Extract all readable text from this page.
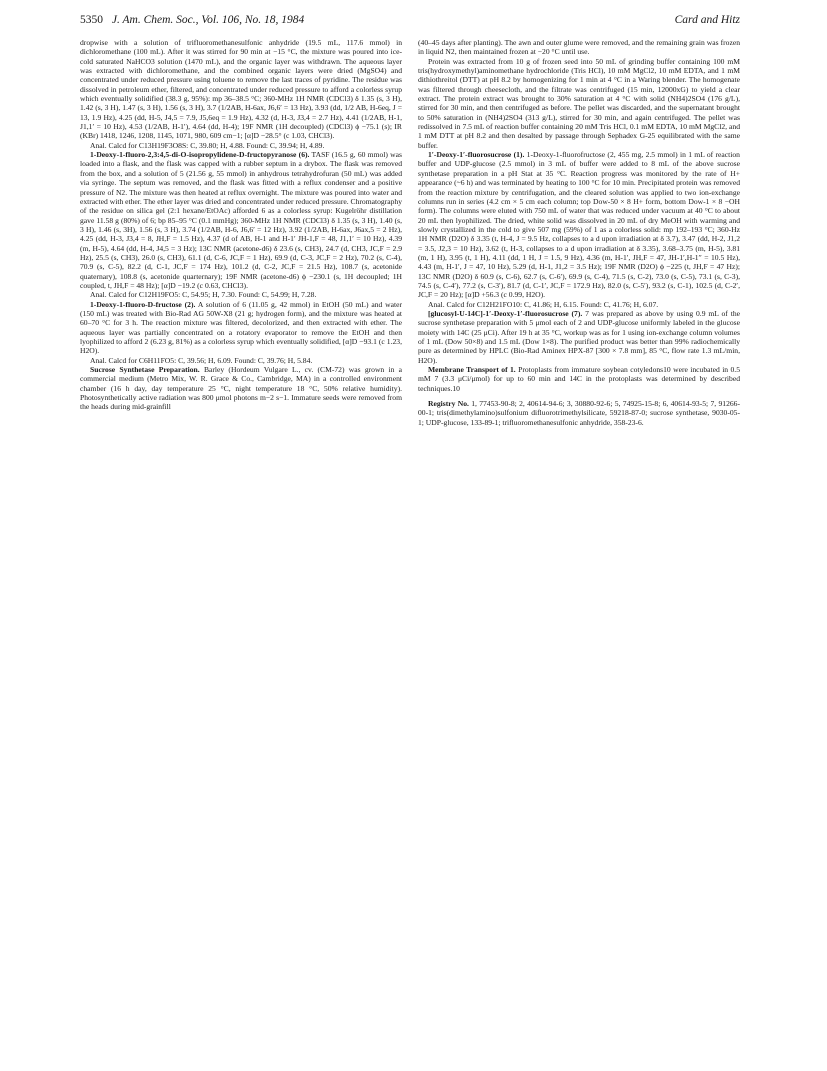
5350 J. Am. Chem. Soc., Vol. 106, No. 18, 1984	Card and Hitz

dropwise with a solution of trifluoromethanesulfonic anhydride (19.5 mL, 117.6 mmol) in dichloromethane (100 mL). After it was stirred for 90 min at −15 °C, the mixture was poured into ice-cold saturated NaHCO3 solution (1470 mL), and the organic layer was withdrawn. The aqueous layer was extracted with dichloromethane, and the combined organic layers were dried (MgSO4) and concentrated under reduced pressure using toluene to remove the last traces of pyridine. The residue was dissolved in petroleum ether, filtered, and concentrated under reduced pressure to afford a colorless syrup which eventually solidified (38.3 g, 95%): mp 36–38.5 °C; 360-MHz 1H NMR (CDCl3) δ 1.35 (s, 3 H), 1.42 (s, 3 H), 1.47 (s, 3 H), 1.56 (s, 3 H), 3.7 (1/2AB, H-6ax, J6,6′ = 13 Hz), 3.93 (dd, 1/2 AB, H-6eq, J = 13, 1.9 Hz), 4.25 (dd, H-5, J4,5 = 7.9, J5,6eq = 1.9 Hz), 4.32 (d, H-3, J3,4 = 2.7 Hz), 4.41 (1/2AB, H-1, J1,1′ = 10 Hz), 4.53 (1/2AB, H-1′), 4.64 (dd, H-4); 19F NMR (1H decoupled) (CDCl3) ϕ −75.1 (s); IR (KBr) 1418, 1246, 1208, 1145, 1071, 980, 609 cm−1; [α]D −28.5° (c 1.03, CHCl3).

Anal. Calcd for C13H19F3O8S: C, 39.80; H, 4.88. Found: C, 39.94; H, 4.89.

1-Deoxy-1-fluoro-2,3:4,5-di-O-isopropylidene-D-fructopyranose (6). TASF (16.5 g, 60 mmol) was loaded into a flask, and the flask was capped with a rubber septum in a drybox. The flask was removed from the box, and a solution of 5 (21.56 g, 55 mmol) in anhydrous tetrahydrofuran (50 mL) was added via syringe. The septum was removed, and the flask was fitted with a reflux condenser and a positive pressure of N2. The mixture was then heated at reflux overnight. The mixture was poured into water and extracted with ether. The ether layer was dried and concentrated under reduced pressure. Chromatography of the residue on silica gel (2:1 hexane/EtOAc) afforded 6 as a colorless syrup: Kugelröhr distillation gave 11.58 g (80%) of 6; bp 85–95 °C (0.1 mmHg); 360-MHz 1H NMR (CDCl3) δ 1.35 (s, 3 H), 1.40 (s, 3 H), 1.46 (s, 3H), 1.56 (s, 3 H), 3.74 (1/2AB, H-6, J6,6′ = 12 Hz), 3.92 (1/2AB, H-6ax, J6ax,5 = 2 Hz), 4.25 (dd, H-3, J3,4 = 8, JH,F = 1.5 Hz), 4.37 (d of AB, H-1 and H-1′ JH-1,F = 48, J1,1′ = 10 Hz), 4.39 (m, H-5), 4.64 (dd, H-4, J4,5 = 3 Hz); 13C NMR (acetone-d6) δ 23.6 (s, CH3), 24.7 (d, CH3, JC,F = 2.9 Hz), 25.5 (s, CH3), 26.0 (s, CH3), 61.1 (d, C-6, JC,F = 1 Hz), 69.9 (d, C-3, JC,F = 2 Hz), 70.2 (s, C-4), 70.9 (s, C-5), 82.2 (d, C-1, JC,F = 174 Hz), 101.2 (d, C-2, JC,F = 21.5 Hz), 108.7 (s, acetonide quaternary), 108.8 (s, acetonide quarternary); 19F NMR (acetone-d6) ϕ −230.1 (s, 1H decoupled; 1H coupled, t, JH,F = 48 Hz); [α]D −19.2 (c 0.63, CHCl3).

Anal. Calcd for C12H19FO5: C, 54.95; H, 7.30. Found: C, 54.99; H, 7.28.

1-Deoxy-1-fluoro-D-fructose (2). A solution of 6 (11.05 g, 42 mmol) in EtOH (50 mL) and water (150 mL) was treated with Bio-Rad AG 50W-X8 (21 g; hydrogen form), and the mixture was heated at 60–70 °C for 3 h. The reaction mixture was filtered, decolorized, and then extracted with ether. The aqueous layer was partially concentrated on a rotatory evaporator to remove the EtOH and then lyophilized to afford 2 (6.23 g, 81%) as a colorless syrup which eventually solidified, [α]D −93.1 (c 1.23, H2O).

Anal. Calcd for C6H11FO5: C, 39.56; H, 6.09. Found: C, 39.76; H, 5.84.

Sucrose Synthetase Preparation. Barley (Hordeum Vulgare L., cv. (CM-72) was grown in a commercial medium (Metro Mix, W. R. Grace & Co., Cambridge, MA) in a controlled environment chamber (16 h day, day temperature 25 °C, night temperature 18 °C, 50% relative humidity). Photosynthetically active radiation was 800 μmol photons m−2 s−1. Immature seeds were removed from the heads during mid-grainfill

(40–45 days after planting). The awn and outer glume were removed, and the remaining grain was frozen in liquid N2, then maintained frozen at −20 °C until use.

Protein was extracted from 10 g of frozen seed into 50 mL of grinding buffer containing 100 mM tris(hydroxymethyl)aminomethane hydrochloride (Tris HCl), 10 mM MgCl2, 10 mM EDTA, and 1 mM dithiothreitol (DTT) at pH 8.2 by homogenizing for 1 min at 4 °C in a Waring blender. The homogenate was filtered through cheesecloth, and the filtrate was centrifuged (15 min, 12000xG) to yield a clear extract. The protein extract was brought to 30% saturation at 4 °C with solid (NH4)2SO4 (176 g/L), stirred for 30 min, and then centrifuged as before. The pellet was discarded, and the supernatant brought to 50% saturation in (NH4)2SO4 (313 g/L), stirred for 30 min, and again centrifuged. The pellet was redissolved in 7.5 mL of reaction buffer containing 20 mM Tris HCl, 0.1 mM EDTA, 10 mM MgCl2, and 1 mM DTT at pH 8.2 and then desalted by passage through Sephadex G-25 equilibrated with the same buffer.

1′-Deoxy-1′-fluorosucrose (1). 1-Deoxy-1-fluorofructose (2, 455 mg, 2.5 mmol) in 1 mL of reaction buffer and UDP-glucose (2.5 mmol) in 3 mL of buffer were added to 8 mL of the above sucrose synthetase preparation in a pH Stat at 35 °C. Reaction progress was monitored by the rate of H+ appearance (~6 h) and was terminated by heating to 100 °C for 10 min. Precipitated protein was removed from the reaction mixture by centrifugation, and the cleared solution was applied to two ion-exchange columns run in series (4.2 cm × 5 cm each column; top Dow-50 × 8 H+ form, bottom Dow-1 × 8 −OH form). The columns were eluted with 750 mL of water that was reduced under vacuum at 40 °C to about 20 mL then lyophilized. The dried, white solid was dissolved in 20 mL of dry MeOH with warming and slowly crystallized in the cold to give 507 mg (59%) of 1 as a colorless solid: mp 192–193 °C; 360-Hz 1H NMR (D2O) δ 3.35 (t, H-4, J = 9.5 Hz, collapses to a d upon irradiation at δ 3.7), 3.47 (dd, H-2, J1,2 = 3.5, J2,3 = 10 Hz), 3.62 (t, H-3, collapses to a d upon irradiation at δ 3.35), 3.68–3.75 (m, H-5), 3.81 (m, 1 H), 3.95 (t, 1 H), 4.11 (dd, 1 H, J = 1.5, 9 Hz), 4.36 (m, H-1′, JH,F = 47, JH-1′,H-1′′ = 10.5 Hz), 4.43 (m, H-1′, J = 47, 10 Hz), 5.29 (d, H-1, J1,2 = 3.5 Hz); 19F NMR (D2O) ϕ −225 (t, JH,F = 47 Hz); 13C NMR (D2O) δ 60.9 (s, C-6), 62.7 (s, C-6′), 69.9 (s, C-4), 71.5 (s, C-2), 73.0 (s, C-5), 73.1 (s, C-3), 74.5 (s, C-4′), 77.2 (s, C-3′), 81.7 (d, C-1′, JC,F = 172.9 Hz), 82.0 (s, C-5′), 93.2 (s, C-1), 102.5 (d, C-2′, JC,F = 20 Hz); [α]D +56.3 (c 0.99, H2O).

Anal. Calcd for C12H21FO10: C, 41.86; H, 6.15. Found: C, 41.76; H, 6.07.

[glucosyl-U-14C]-1′-Deoxy-1′-fluorosucrose (7). 7 was prepared as above by using 0.9 mL of the sucrose synthetase preparation with 5 μmol each of 2 and UDP-glucose uniformly labeled in the glucose moiety with 14C (25 μCi). After 19 h at 35 °C, workup was as for 1 using ion-exchange column volumes of 1 mL (Dow 50×8) and 1.5 mL (Dow 1×8). The purified product was better than 99% radiochemically pure as determined by HPLC (Bio-Rad Aminex HPX-87 [300 × 7.8 mm], 85 °C, flow rate 1.3 mL/min, H2O).

Membrane Transport of 1. Protoplasts from immature soybean cotyledons10 were incubated in 0.5 mM 7 (3.3 μCi/μmol) for up to 60 min and 14C in the protoplasts was determined by described techniques.10

Registry No. 1, 77453-90-8; 2, 40614-94-6; 3, 30880-92-6; 5, 74925-15-8; 6, 40614-93-5; 7, 91266-00-1; tris(dimethylamino)sulfonium difluorotrimethylsilicate, 59218-87-0; sucrose synthetase, 9030-05-1; UDP-glucose, 133-89-1; trifluoromethanesulfonic anhydride, 358-23-6.
